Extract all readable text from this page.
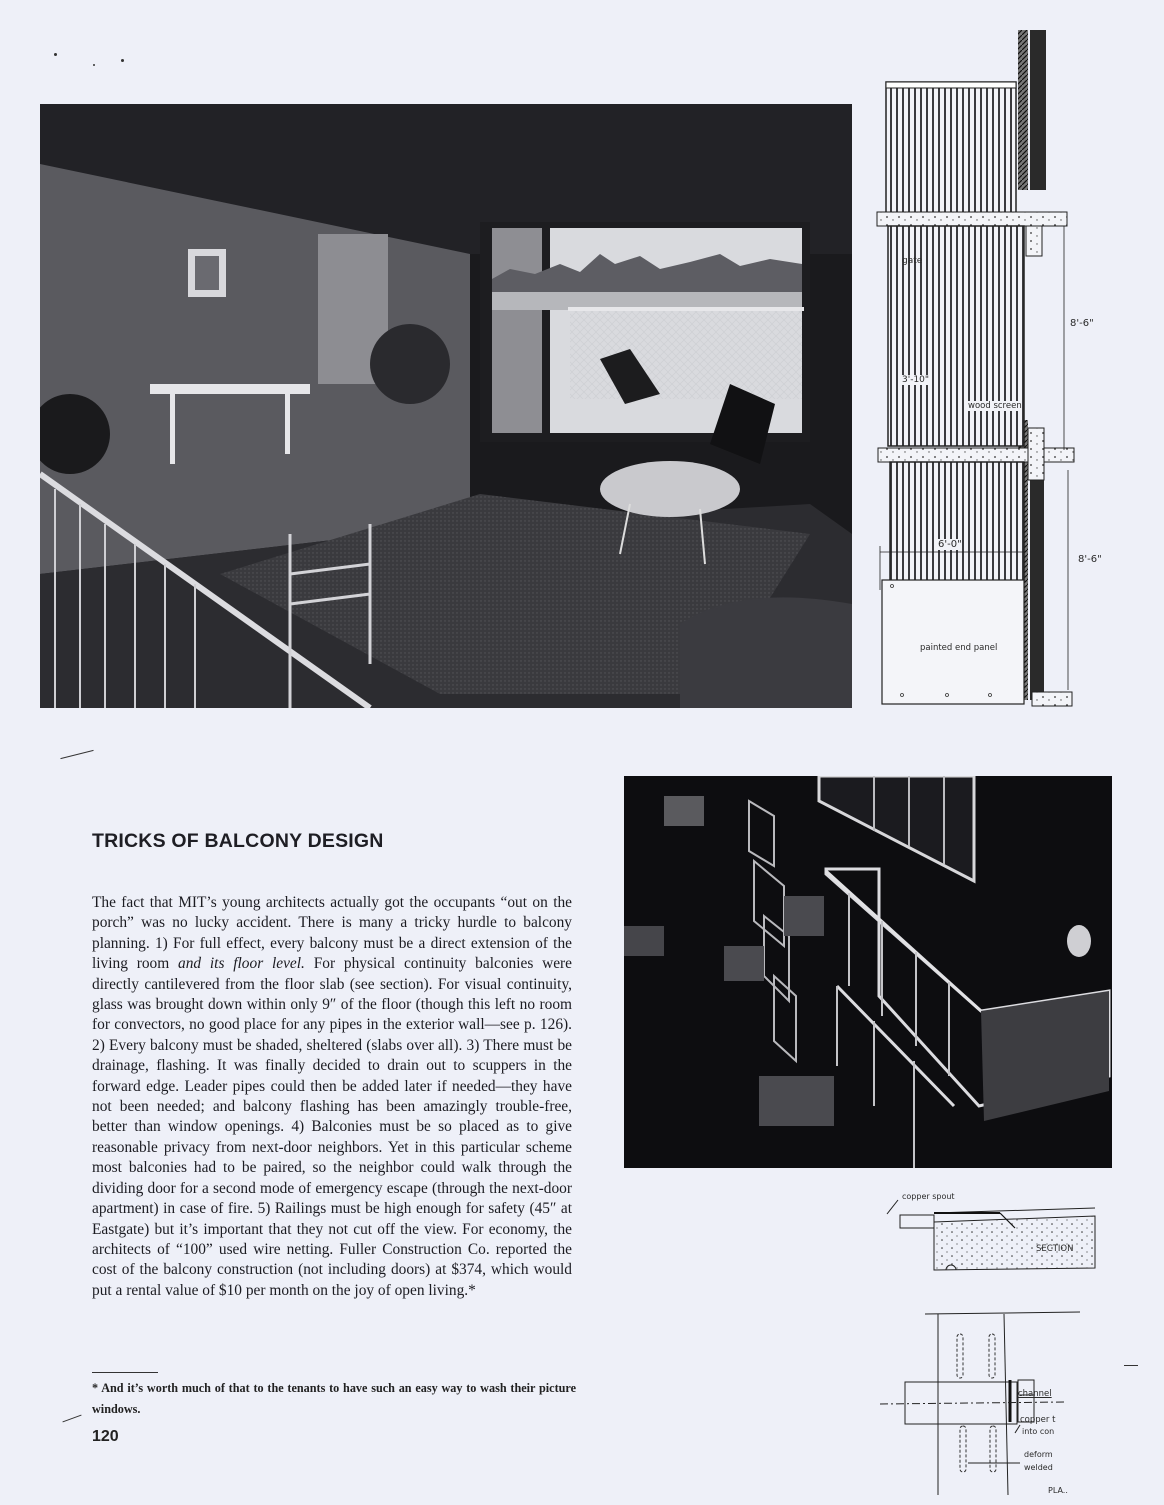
gate
8'-6"
3'-10"
wood screen
6'-0"
8'-6"
painted end panel
copper spout
SECTION
channel
copper t
into con
deform
welded
PLA..
TRICKS OF BALCONY DESIGN

The fact that MIT’s young architects actually got the occupants “out on the porch” was no lucky accident. There is many a tricky hurdle to balcony planning. 1) For full effect, every balcony must be a direct extension of the living room and its floor level. For physical continuity balconies were directly cantilevered from the floor slab (see section). For visual continuity, glass was brought down within only 9″ of the floor (though this left no room for convectors, no good place for any pipes in the exterior wall—see p. 126). 2) Every balcony must be shaded, sheltered (slabs over all). 3) There must be drainage, flashing. It was finally decided to drain out to scuppers in the forward edge. Leader pipes could then be added later if needed—they have not been needed; and balcony flashing has been amazingly trouble-free, better than window openings. 4) Balconies must be so placed as to give reasonable privacy from next-door neighbors. Yet in this particular scheme most balconies had to be paired, so the neighbor could walk through the dividing door for a second mode of emergency escape (through the next-door apartment) in case of fire. 5) Railings must be high enough for safety (45″ at Eastgate) but it’s important that they not cut off the view. For economy, the architects of “100” used wire netting. Fuller Construction Co. reported the cost of the balcony construction (not including doors) at $374, which would put a rental value of $10 per month on the joy of open living.*

* And it’s worth much of that to the tenants to have such an easy way to wash their picture windows.
120
